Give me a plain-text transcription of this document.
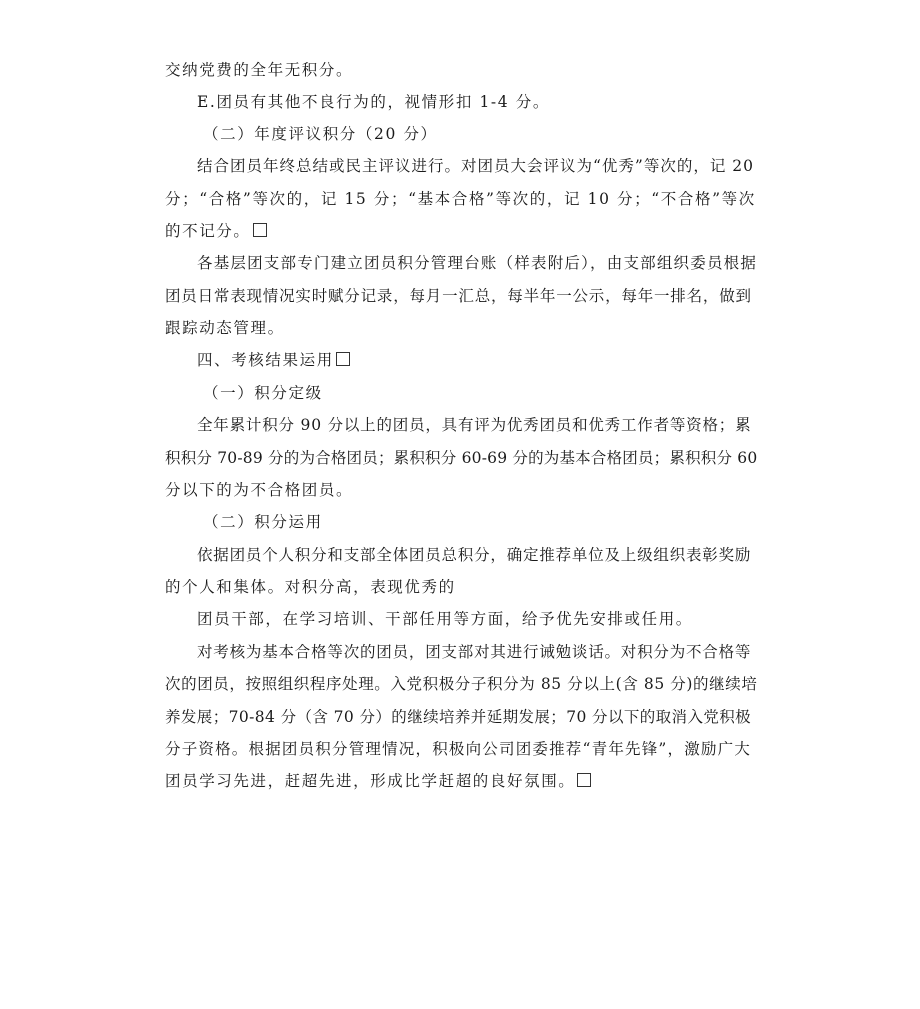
交纳党费的全年无积分。
E.团员有其他不良行为的，视情形扣 1-4 分。
（二）年度评议积分（20 分）
结合团员年终总结或民主评议进行。对团员大会评议为“优秀”等次的，记 20
分；“合格”等次的，记 15 分；“基本合格”等次的，记 10 分；“不合格”等次
的不记分。
各基层团支部专门建立团员积分管理台账（样表附后），由支部组织委员根据
团员日常表现情况实时赋分记录，每月一汇总，每半年一公示，每年一排名，做到
跟踪动态管理。
四、考核结果运用
（一）积分定级
全年累计积分 90 分以上的团员，具有评为优秀团员和优秀工作者等资格；累
积积分 70-89 分的为合格团员；累积积分 60-69 分的为基本合格团员；累积积分 60
分以下的为不合格团员。
（二）积分运用
依据团员个人积分和支部全体团员总积分，确定推荐单位及上级组织表彰奖励
的个人和集体。对积分高，表现优秀的
团员干部，在学习培训、干部任用等方面，给予优先安排或任用。
对考核为基本合格等次的团员，团支部对其进行诫勉谈话。对积分为不合格等
次的团员，按照组织程序处理。入党积极分子积分为 85 分以上(含 85 分)的继续培
养发展；70-84 分（含 70 分）的继续培养并延期发展；70 分以下的取消入党积极
分子资格。根据团员积分管理情况，积极向公司团委推荐“青年先锋”，激励广大
团员学习先进，赶超先进，形成比学赶超的良好氛围。
